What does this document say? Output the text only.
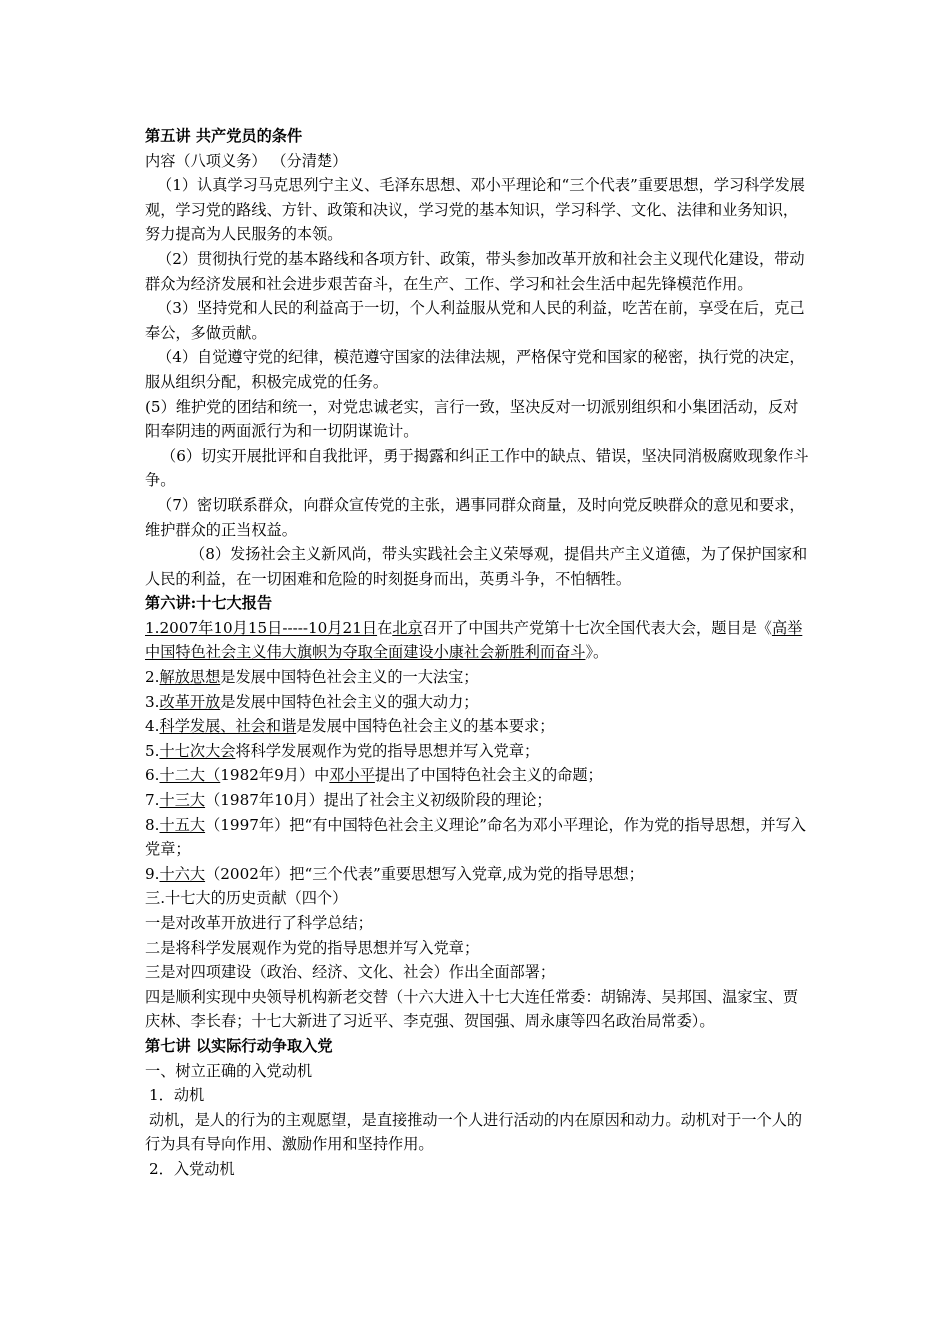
第五讲 共产党员的条件

内容（八项义务） （分清楚）

（1）认真学习马克思列宁主义、毛泽东思想、邓小平理论和“三个代表”重要思想，学习科学发展观，学习党的路线、方针、政策和决议，学习党的基本知识，学习科学、文化、法律和业务知识，努力提高为人民服务的本领。

（2）贯彻执行党的基本路线和各项方针、政策，带头参加改革开放和社会主义现代化建设，带动群众为经济发展和社会进步艰苦奋斗，在生产、工作、学习和社会生活中起先锋模范作用。

（3）坚持党和人民的利益高于一切，个人利益服从党和人民的利益，吃苦在前，享受在后，克己奉公，多做贡献。

（4）自觉遵守党的纪律，模范遵守国家的法律法规，严格保守党和国家的秘密，执行党的决定，服从组织分配，积极完成党的任务。

(5）维护党的团结和统一，对党忠诚老实，言行一致，坚决反对一切派别组织和小集团活动，反对阳奉阴违的两面派行为和一切阴谋诡计。

（6）切实开展批评和自我批评，勇于揭露和纠正工作中的缺点、错误，坚决同消极腐败现象作斗争。

（7）密切联系群众，向群众宣传党的主张，遇事同群众商量，及时向党反映群众的意见和要求，维护群众的正当权益。

（8）发扬社会主义新风尚，带头实践社会主义荣辱观，提倡共产主义道德，为了保护国家和人民的利益，在一切困难和危险的时刻挺身而出，英勇斗争，不怕牺牲。

第六讲:十七大报告

1.2007年10月15日-----10月21日在北京召开了中国共产党第十七次全国代表大会，题目是《高举中国特色社会主义伟大旗帜为夺取全面建设小康社会新胜利而奋斗》。

2.解放思想是发展中国特色社会主义的一大法宝；

3.改革开放是发展中国特色社会主义的强大动力；

4.科学发展、社会和谐是发展中国特色社会主义的基本要求；

5.十七次大会将科学发展观作为党的指导思想并写入党章；

6.十二大（1982年9月）中邓小平提出了中国特色社会主义的命题；

7.十三大（1987年10月）提出了社会主义初级阶段的理论；

8.十五大（1997年）把“有中国特色社会主义理论”命名为邓小平理论，作为党的指导思想，并写入党章；

9.十六大（2002年）把“三个代表”重要思想写入党章,成为党的指导思想；

三.十七大的历史贡献（四个）

一是对改革开放进行了科学总结；

二是将科学发展观作为党的指导思想并写入党章；

三是对四项建设（政治、经济、文化、社会）作出全面部署；

四是顺利实现中央领导机构新老交替（十六大进入十七大连任常委：胡锦涛、吴邦国、温家宝、贾庆林、李长春；十七大新进了习近平、李克强、贺国强、周永康等四名政治局常委）。

第七讲 以实际行动争取入党

一、树立正确的入党动机

1．动机

动机，是人的行为的主观愿望，是直接推动一个人进行活动的内在原因和动力。动机对于一个人的行为具有导向作用、激励作用和坚持作用。

2．入党动机
